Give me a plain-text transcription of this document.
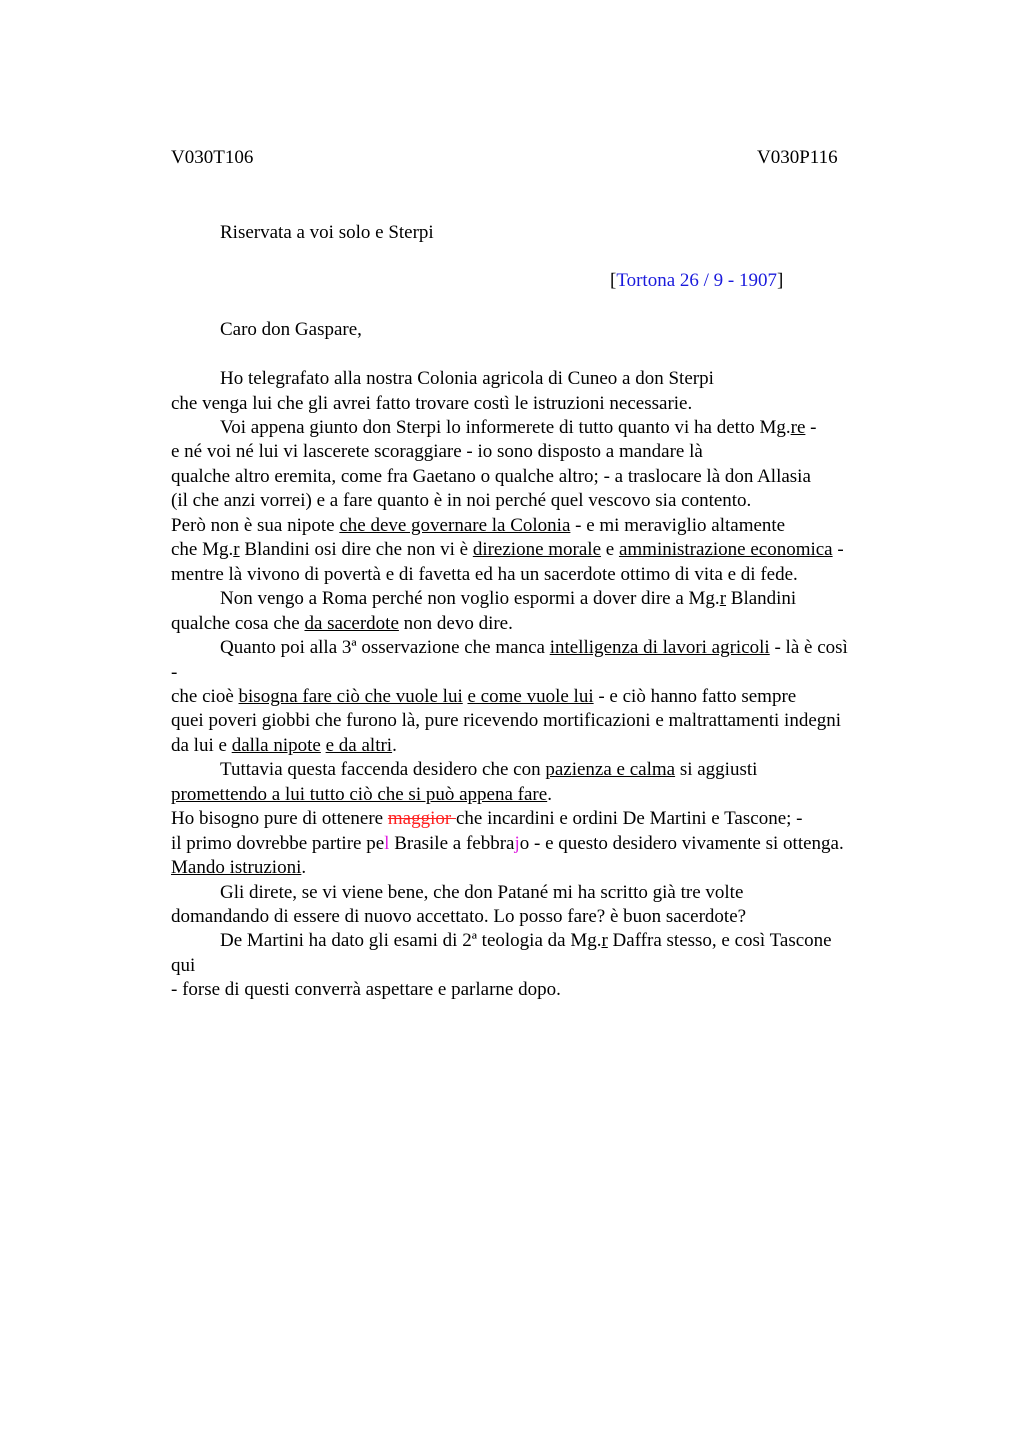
V030T106	V030P116
Riservata a voi solo e Sterpi
[Tortona 26 / 9 - 1907]
Caro don Gaspare,
Ho telegrafato alla nostra Colonia agricola di Cuneo a don Sterpi
che venga lui che gli avrei fatto trovare costì le istruzioni necessarie.
Voi appena giunto don Sterpi lo informerete di tutto quanto vi ha detto Mg.re -
e né voi né lui vi lascerete scoraggiare - io sono disposto a mandare là
qualche altro eremita, come fra Gaetano o qualche altro; - a traslocare là don Allasia
(il che anzi vorrei) e a fare quanto è in noi perché quel vescovo sia contento.
Però non è sua nipote che deve governare la Colonia - e mi meraviglio altamente
che Mg.r Blandini osi dire che non vi è direzione morale e amministrazione economica -
mentre là vivono di povertà e di favetta ed ha un sacerdote ottimo di vita e di fede.
Non vengo a Roma perché non voglio espormi a dover dire a Mg.r Blandini
qualche cosa che da sacerdote non devo dire.
Quanto poi alla 3ª osservazione che manca intelligenza di lavori agricoli - là è così
-
che cioè bisogna fare ciò che vuole lui e come vuole lui - e ciò hanno fatto sempre
quei poveri giobbi che furono là, pure ricevendo mortificazioni e maltrattamenti indegni
da lui e dalla nipote e da altri.
Tuttavia questa faccenda desidero che con pazienza e calma si aggiusti
promettendo a lui tutto ciò che si può appena fare.
Ho bisogno pure di ottenere maggior che incardini e ordini De Martini e Tascone; -
il primo dovrebbe partire pel Brasile a febbrajo - e questo desidero vivamente si ottenga.
Mando istruzioni.
Gli direte, se vi viene bene, che don Patané mi ha scritto già tre volte
domandando di essere di nuovo accettato. Lo posso fare? è buon sacerdote?
De Martini ha dato gli esami di 2ª teologia da Mg.r Daffra stesso, e così Tascone
qui
- forse di questi converrà aspettare e parlarne dopo.
